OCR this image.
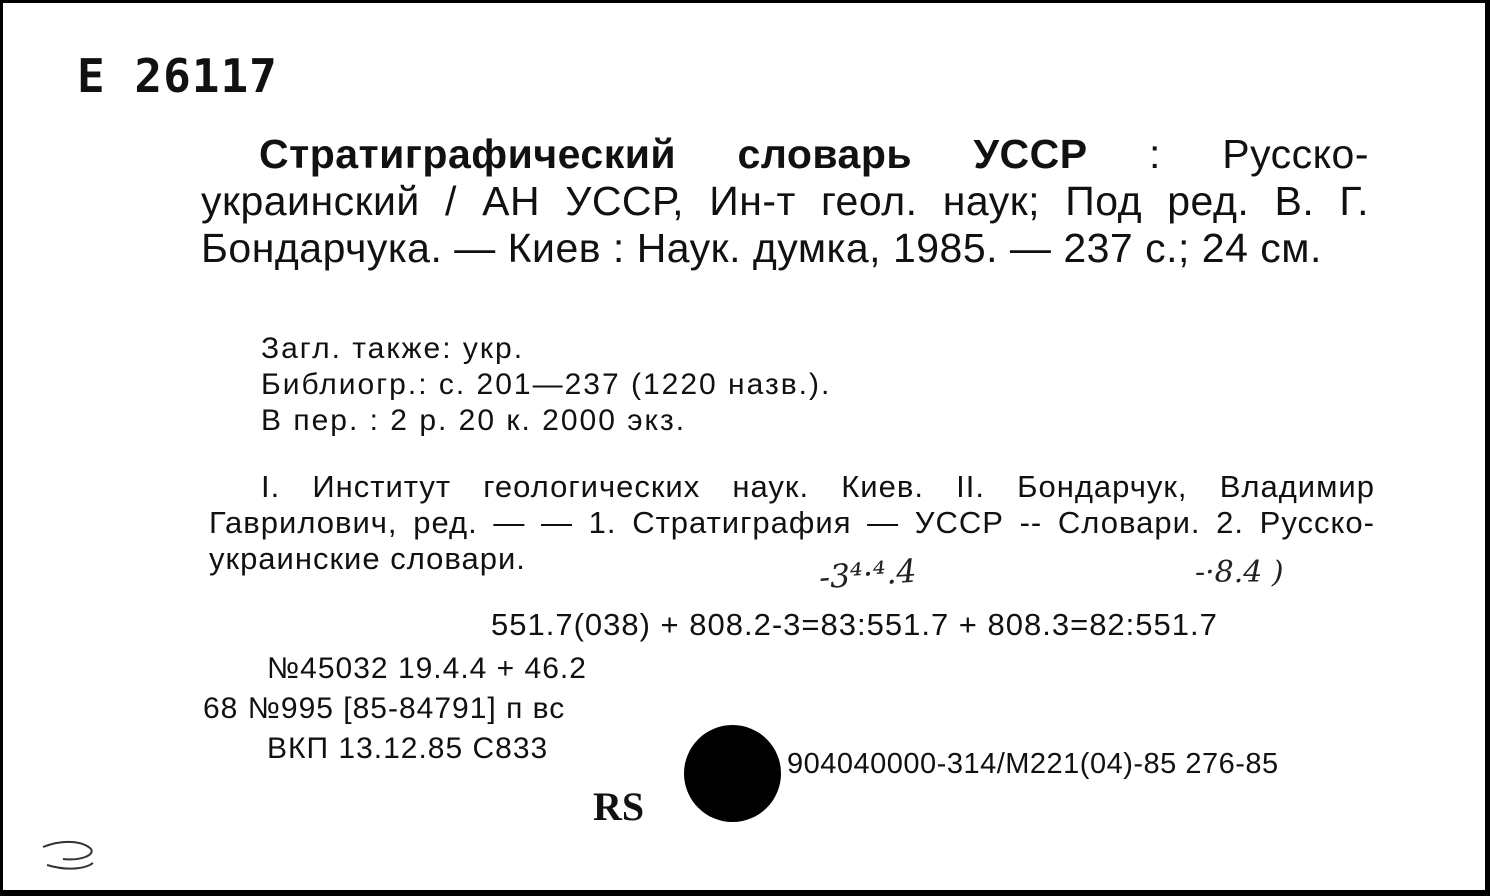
Е 26117
Стратиграфический словарь УССР : Русско-украинский / АН УССР, Ин-т геол. наук; Под ред. В. Г. Бондарчука. — Киев : Наук. думка, 1985. — 237 с.; 24 см.
Загл. также: укр.
Библиогр.: с. 201—237 (1220 назв.).
В пер. : 2 р. 20 к. 2000 экз.
I. Институт геологических наук. Киев. II. Бондарчук, Владимир Гаврилович, ред. — — 1. Стратиграфия — УССР -- Словари. 2. Русско-украинские словари.	-3⁴·⁴.4	-·8.4 )
551.7(038) + 808.2-3=83:551.7 + 808.3=82:551.7
№45032 19.4.4 + 46.2
68 №995 [85-84791] п вс
ВКП 13.12.85 С833	904040000-314/М221(04)-85 276-85
RS
